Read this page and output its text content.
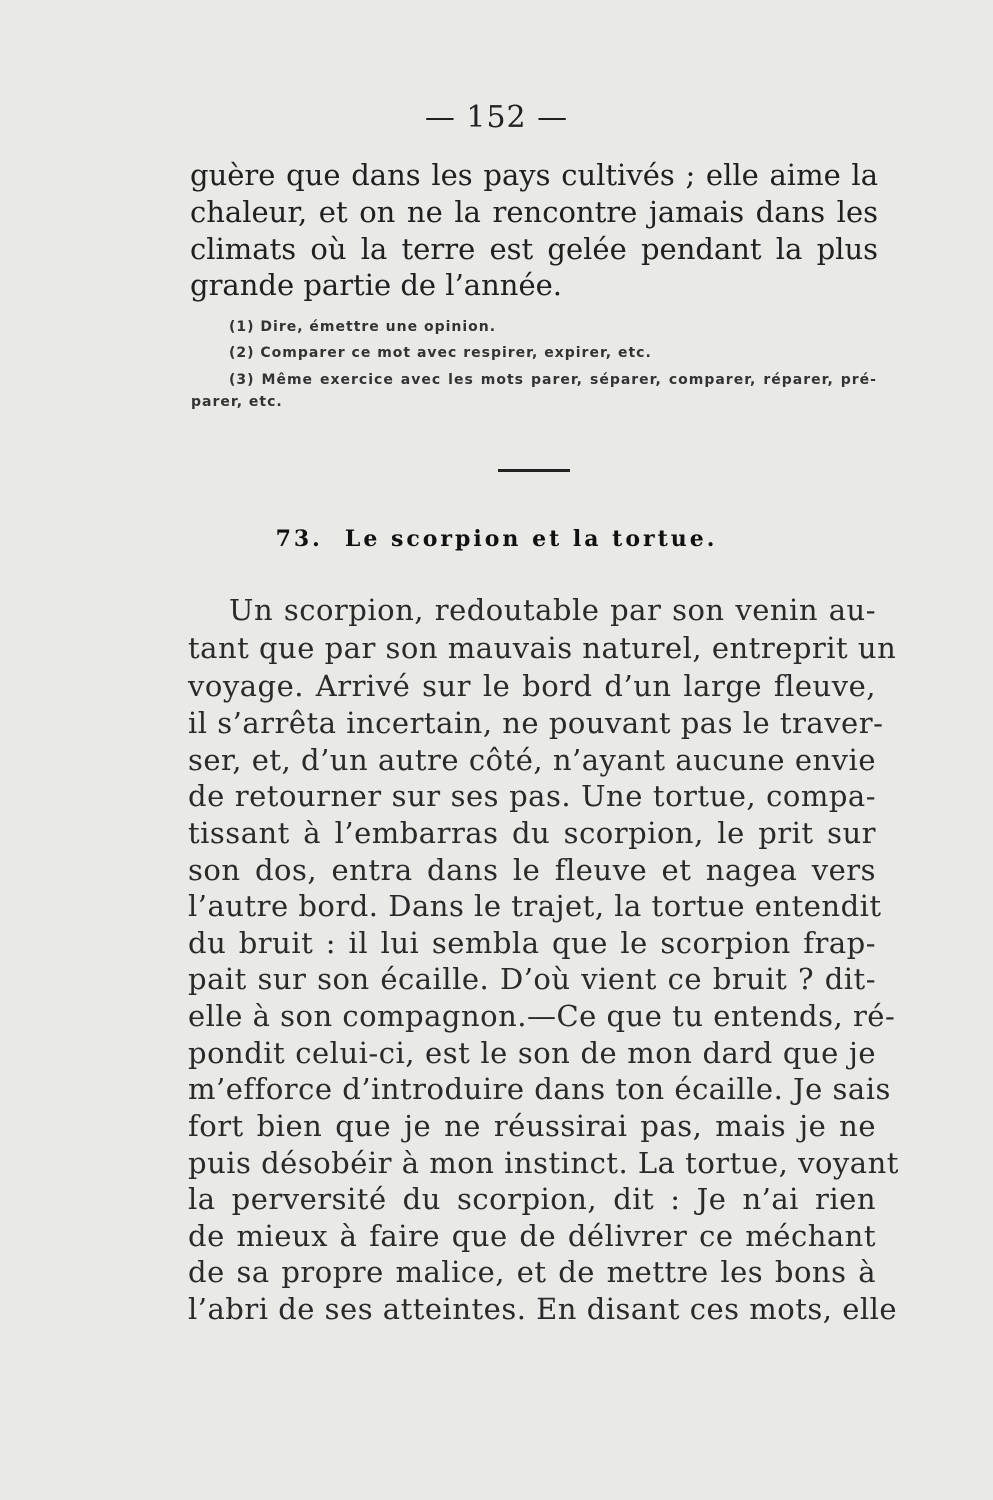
— 152 —
guère que dans les pays cultivés ; elle aime la
chaleur, et on ne la rencontre jamais dans les
climats où la terre est gelée pendant la plus
grande partie de l’année.
(1) Dire, émettre une opinion.
(2) Comparer ce mot avec respirer, expirer, etc.
(3) Même exercice avec les mots parer, séparer, comparer, réparer, pré-
parer, etc.
73. Le scorpion et la tortue.
Un scorpion, redoutable par son venin au-
tant que par son mauvais naturel, entreprit un
voyage. Arrivé sur le bord d’un large fleuve,
il s’arrêta incertain, ne pouvant pas le traver-
ser, et, d’un autre côté, n’ayant aucune envie
de retourner sur ses pas. Une tortue, compa-
tissant à l’embarras du scorpion, le prit sur
son dos, entra dans le fleuve et nagea vers
l’autre bord. Dans le trajet, la tortue entendit
du bruit : il lui sembla que le scorpion frap-
pait sur son écaille. D’où vient ce bruit ? dit-
elle à son compagnon.—Ce que tu entends, ré-
pondit celui-ci, est le son de mon dard que je
m’efforce d’introduire dans ton écaille. Je sais
fort bien que je ne réussirai pas, mais je ne
puis désobéir à mon instinct. La tortue, voyant
la perversité du scorpion, dit : Je n’ai rien
de mieux à faire que de délivrer ce méchant
de sa propre malice, et de mettre les bons à
l’abri de ses atteintes. En disant ces mots, elle
